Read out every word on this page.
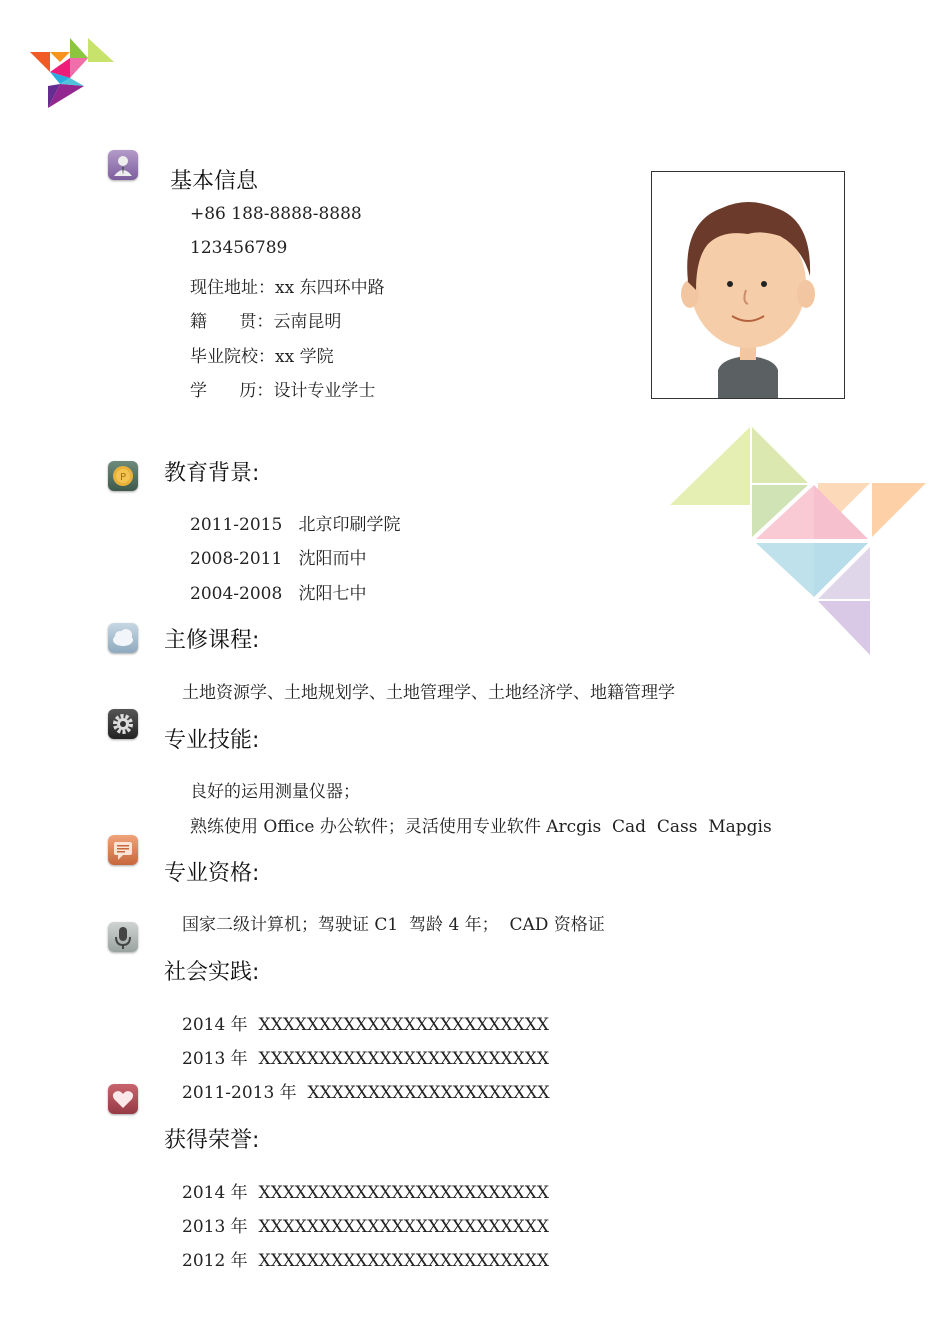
P
基本信息
+86 188-8888-8888
123456789
现住地址：xx 东四环中路
籍      贯：云南昆明
毕业院校：xx 学院
学      历：设计专业学士
教育背景:
2011-2015 北京印刷学院
2008-2011 沈阳而中
2004-2008 沈阳七中
主修课程:
土地资源学、土地规划学、土地管理学、土地经济学、地籍管理学
专业技能:
良好的运用测量仪器；
熟练使用 Office 办公软件；灵活使用专业软件 Arcgis  Cad  Cass  Mapgis
专业资格:
国家二级计算机；驾驶证 C1  驾龄 4 年；  CAD 资格证
社会实践:
2014 年 XXXXXXXXXXXXXXXXXXXXXXXX
2013 年 XXXXXXXXXXXXXXXXXXXXXXXX
2011-2013 年 XXXXXXXXXXXXXXXXXXXX
获得荣誉:
2014 年 XXXXXXXXXXXXXXXXXXXXXXXX
2013 年 XXXXXXXXXXXXXXXXXXXXXXXX
2012 年 XXXXXXXXXXXXXXXXXXXXXXXX
